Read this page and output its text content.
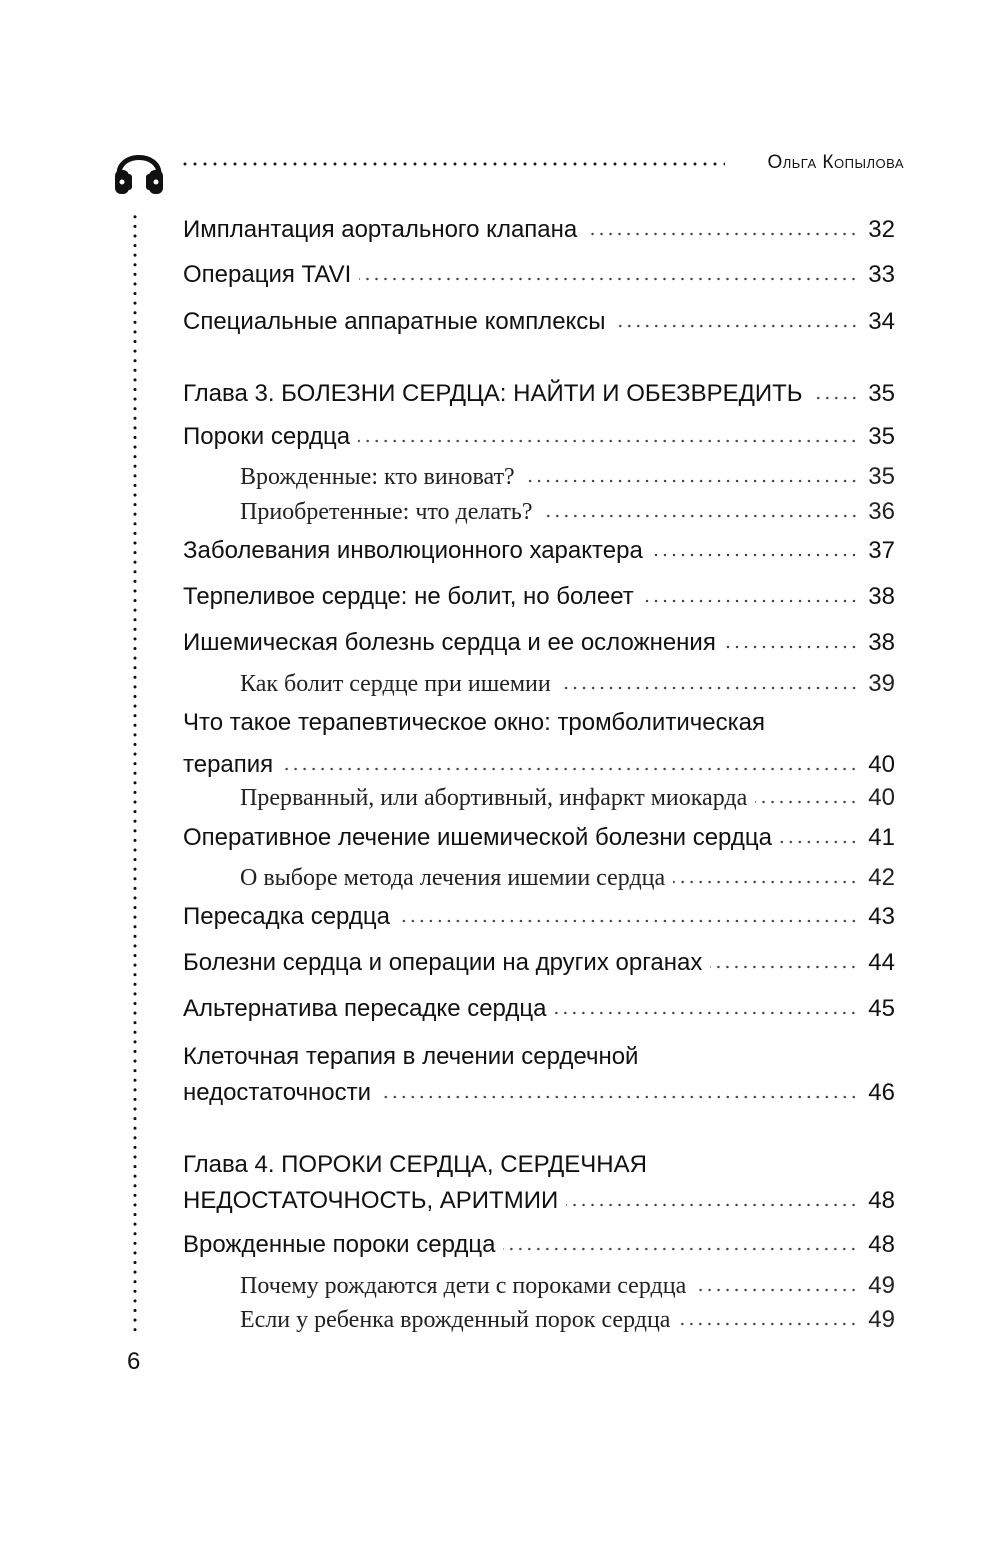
Ольга Копылова
6
Имплантация аортального клапана	32
Операция TAVI	33
Специальные аппаратные комплексы	34
Глава 3. БОЛЕЗНИ СЕРДЦА: НАЙТИ И ОБЕЗВРЕДИТЬ	35
Пороки сердца	35
Врожденные: кто виноват?	35
Приобретенные: что делать?	36
Заболевания инволюционного характера	37
Терпеливое сердце: не болит, но болеет	38
Ишемическая болезнь сердца и ее осложнения	38
Как болит сердце при ишемии	39
Что такое терапевтическое окно: тромболитическая
терапия	40
Прерванный, или абортивный, инфаркт миокарда	40
Оперативное лечение ишемической болезни сердца	41
О выборе метода лечения ишемии сердца	42
Пересадка сердца	43
Болезни сердца и операции на других органах	44
Альтернатива пересадке сердца	45
Клеточная терапия в лечении сердечной
недостаточности	46
Глава 4. ПОРОКИ СЕРДЦА, СЕРДЕЧНАЯ
НЕДОСТАТОЧНОСТЬ, АРИТМИИ	48
Врожденные пороки сердца	48
Почему рождаются дети с пороками сердца	49
Если у ребенка врожденный порок сердца	49
